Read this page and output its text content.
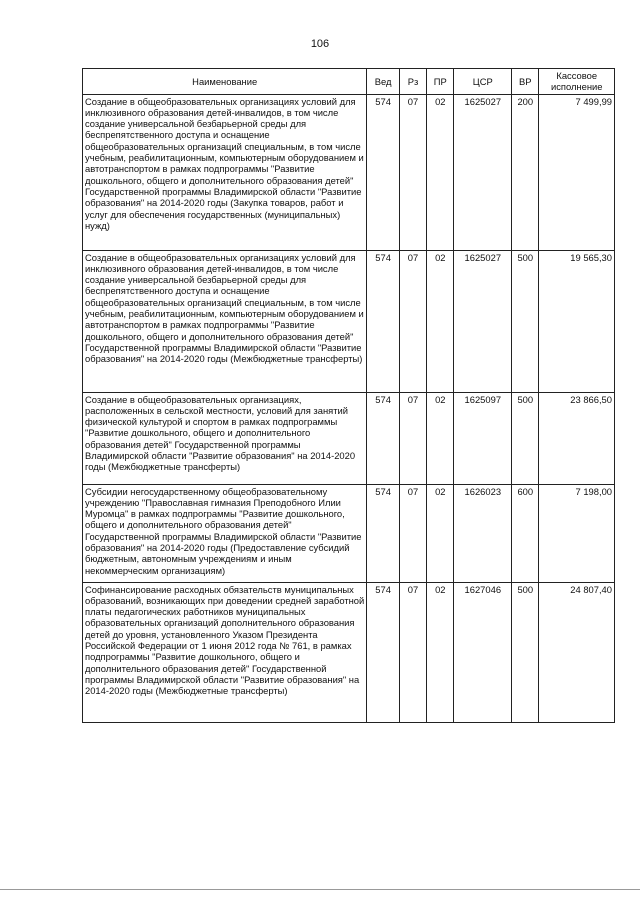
106
Наименование	Вед	Рз	ПР	ЦСР	ВР	Кассовое исполнение
Создание в общеобразовательных организациях условий для инклюзивного образования детей-инвалидов, в том числе создание универсальной безбарьерной среды для беспрепятственного доступа и оснащение общеобразовательных организаций специальным, в том числе учебным, реабилитационным, компьютерным оборудованием и автотранспортом в рамках подпрограммы "Развитие дошкольного, общего и дополнительного образования детей" Государственной программы Владимирской области "Развитие образования" на 2014-2020 годы (Закупка товаров, работ и услуг для обеспечения государственных (муниципальных) нужд)	574	07	02	1625027	200	7 499,99
Создание в общеобразовательных организациях условий для инклюзивного образования детей-инвалидов, в том числе создание универсальной безбарьерной среды для беспрепятственного доступа и оснащение общеобразовательных организаций специальным, в том числе учебным, реабилитационным, компьютерным оборудованием и автотранспортом в рамках подпрограммы "Развитие дошкольного, общего и дополнительного образования детей" Государственной программы Владимирской области "Развитие образования" на 2014-2020 годы (Межбюджетные трансферты)	574	07	02	1625027	500	19 565,30
Создание в общеобразовательных организациях, расположенных в сельской местности, условий для занятий физической культурой и спортом в рамках подпрограммы "Развитие дошкольного, общего и дополнительного образования детей" Государственной программы Владимирской области "Развитие образования" на 2014-2020 годы (Межбюджетные трансферты)	574	07	02	1625097	500	23 866,50
Субсидии негосударственному общеобразовательному учреждению "Православная гимназия Преподобного Илии Муромца" в рамках подпрограммы "Развитие дошкольного, общего и дополнительного образования детей" Государственной программы Владимирской области "Развитие образования" на 2014-2020 годы (Предоставление субсидий бюджетным, автономным учреждениям и иным некоммерческим организациям)	574	07	02	1626023	600	7 198,00
Софинансирование расходных обязательств муниципальных образований, возникающих при доведении средней заработной платы педагогических работников муниципальных образовательных организаций дополнительного образования детей до уровня, установленного Указом Президента Российской Федерации от 1 июня 2012 года № 761, в рамках подпрограммы "Развитие дошкольного, общего и дополнительного образования детей" Государственной программы Владимирской области "Развитие образования" на 2014-2020 годы (Межбюджетные трансферты)	574	07	02	1627046	500	24 807,40
